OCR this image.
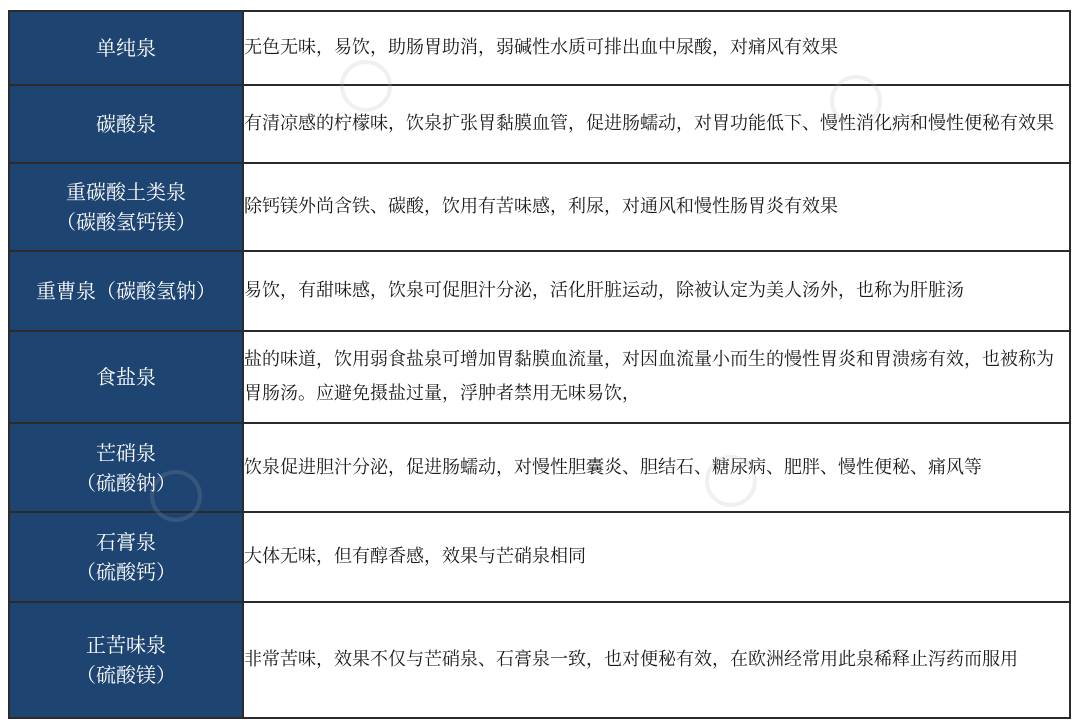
单纯泉	无色无味，易饮，助肠胃助消，弱碱性水质可排出血中尿酸，对痛风有效果

碳酸泉	有清凉感的柠檬味，饮泉扩张胃黏膜血管，促进肠蠕动，对胃功能低下、慢性消化病和慢性便秘有效果

重碳酸土类泉
（碳酸氢钙镁）	除钙镁外尚含铁、碳酸，饮用有苦味感，利尿，对通风和慢性肠胃炎有效果

重曹泉（碳酸氢钠）	易饮，有甜味感，饮泉可促胆汁分泌，活化肝脏运动，除被认定为美人汤外，也称为肝脏汤

食盐泉	盐的味道，饮用弱食盐泉可增加胃黏膜血流量，对因血流量小而生的慢性胃炎和胃溃疡有效，也被称为胃肠汤。应避免摄盐过量，浮肿者禁用无味易饮，

芒硝泉
（硫酸钠）	饮泉促进胆汁分泌，促进肠蠕动，对慢性胆囊炎、胆结石、糖尿病、肥胖、慢性便秘、痛风等

石膏泉
（硫酸钙）	大体无味，但有醇香感，效果与芒硝泉相同

正苦味泉
（硫酸镁）	非常苦味，效果不仅与芒硝泉、石膏泉一致，也对便秘有效，在欧洲经常用此泉稀释止泻药而服用
